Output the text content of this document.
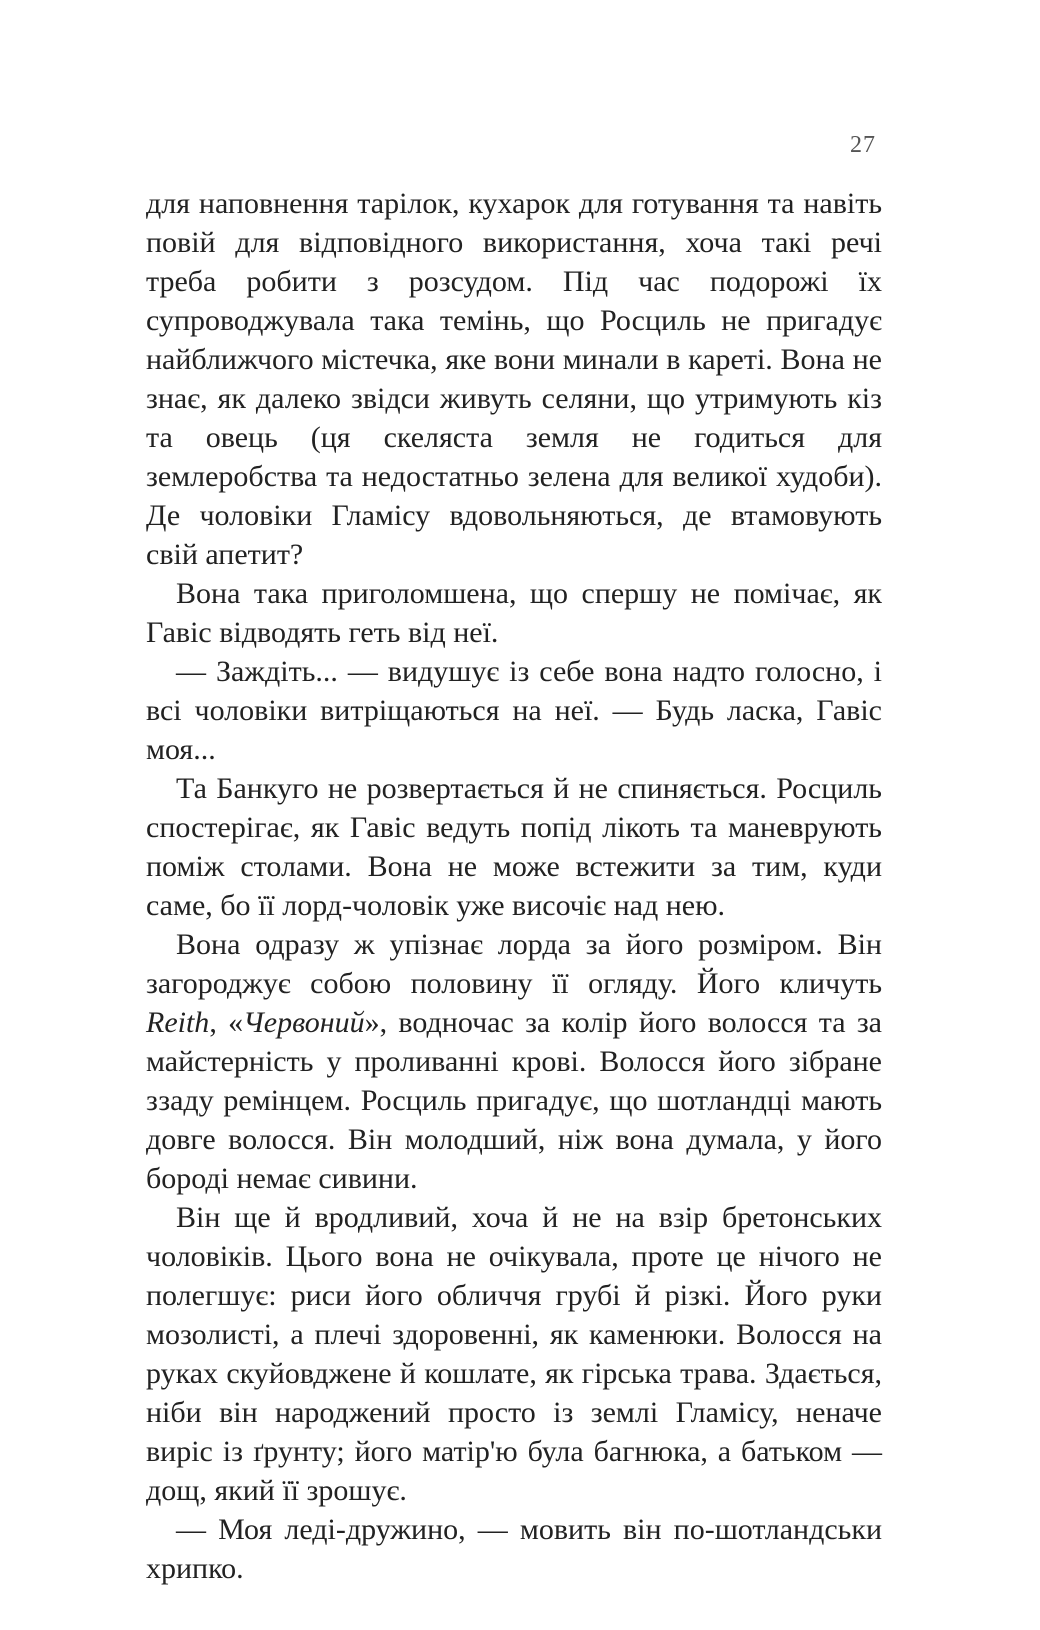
27

для наповнення тарілок, кухарок для готування та навіть повій для відповідного використання, хоча такі речі треба робити з розсудом. Під час подорожі їх супроводжувала така темінь, що Росциль не пригадує найближчого містечка, яке вони минали в кареті. Вона не знає, як далеко звідси живуть селяни, що утримують кіз та овець (ця скеляста земля не годиться для землеробства та недостатньо зелена для великої худоби). Де чоловіки Гламісу вдовольняються, де втамовують свій апетит?

Вона така приголомшена, що спершу не помічає, як Гавіс відводять геть від неї.

— Заждіть... — видушує із себе вона надто голосно, і всі чоловіки витріщаються на неї. — Будь ласка, Гавіс моя...

Та Банкуго не розвертається й не спиняється. Росциль спостерігає, як Гавіс ведуть попід лікоть та маневрують поміж столами. Вона не може встежити за тим, куди саме, бо її лорд-чоловік уже височіє над нею.

Вона одразу ж упізнає лорда за його розміром. Він загороджує собою половину її огляду. Його кличуть Reith, «Червоний», водночас за колір його волосся та за майстерність у проливанні крові. Волосся його зібране ззаду ремінцем. Росциль пригадує, що шотландці мають довге волосся. Він молодший, ніж вона думала, у його бороді немає сивини.

Він ще й вродливий, хоча й не на взір бретонських чоловіків. Цього вона не очікувала, проте це нічого не полегшує: риси його обличчя грубі й різкі. Його руки мозолисті, а плечі здоровенні, як каменюки. Волосся на руках скуйовджене й кошлате, як гірська трава. Здається, ніби він народжений просто із землі Гламісу, неначе виріс із ґрунту; його матір'ю була багнюка, а батьком — дощ, який її зрошує.

— Моя леді-дружино, — мовить він по-шотландськи хрипко.
